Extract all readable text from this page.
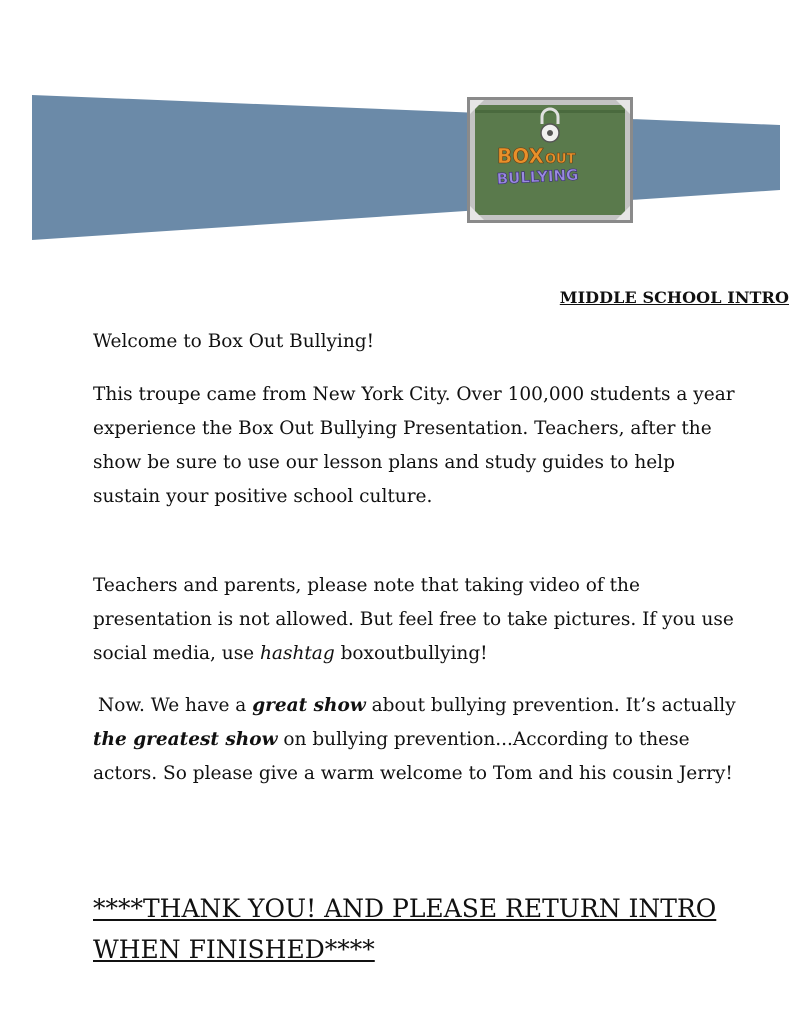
BOX OUT
BULLYING
MIDDLE SCHOOL INTRO

Welcome to Box Out Bullying!

This troupe came from New York City. Over 100,000 students a year experience the Box Out Bullying Presentation. Teachers, after the show be sure to use our lesson plans and study guides to help sustain your positive school culture.

Teachers and parents, please note that taking video of the presentation is not allowed. But feel free to take pictures. If you use social media, use hashtag boxoutbullying!

Now. We have a great show about bullying prevention. It’s actually the greatest show on bullying prevention...According to these actors. So please give a warm welcome to Tom and his cousin Jerry!

****THANK YOU! AND PLEASE RETURN INTRO WHEN FINISHED****
